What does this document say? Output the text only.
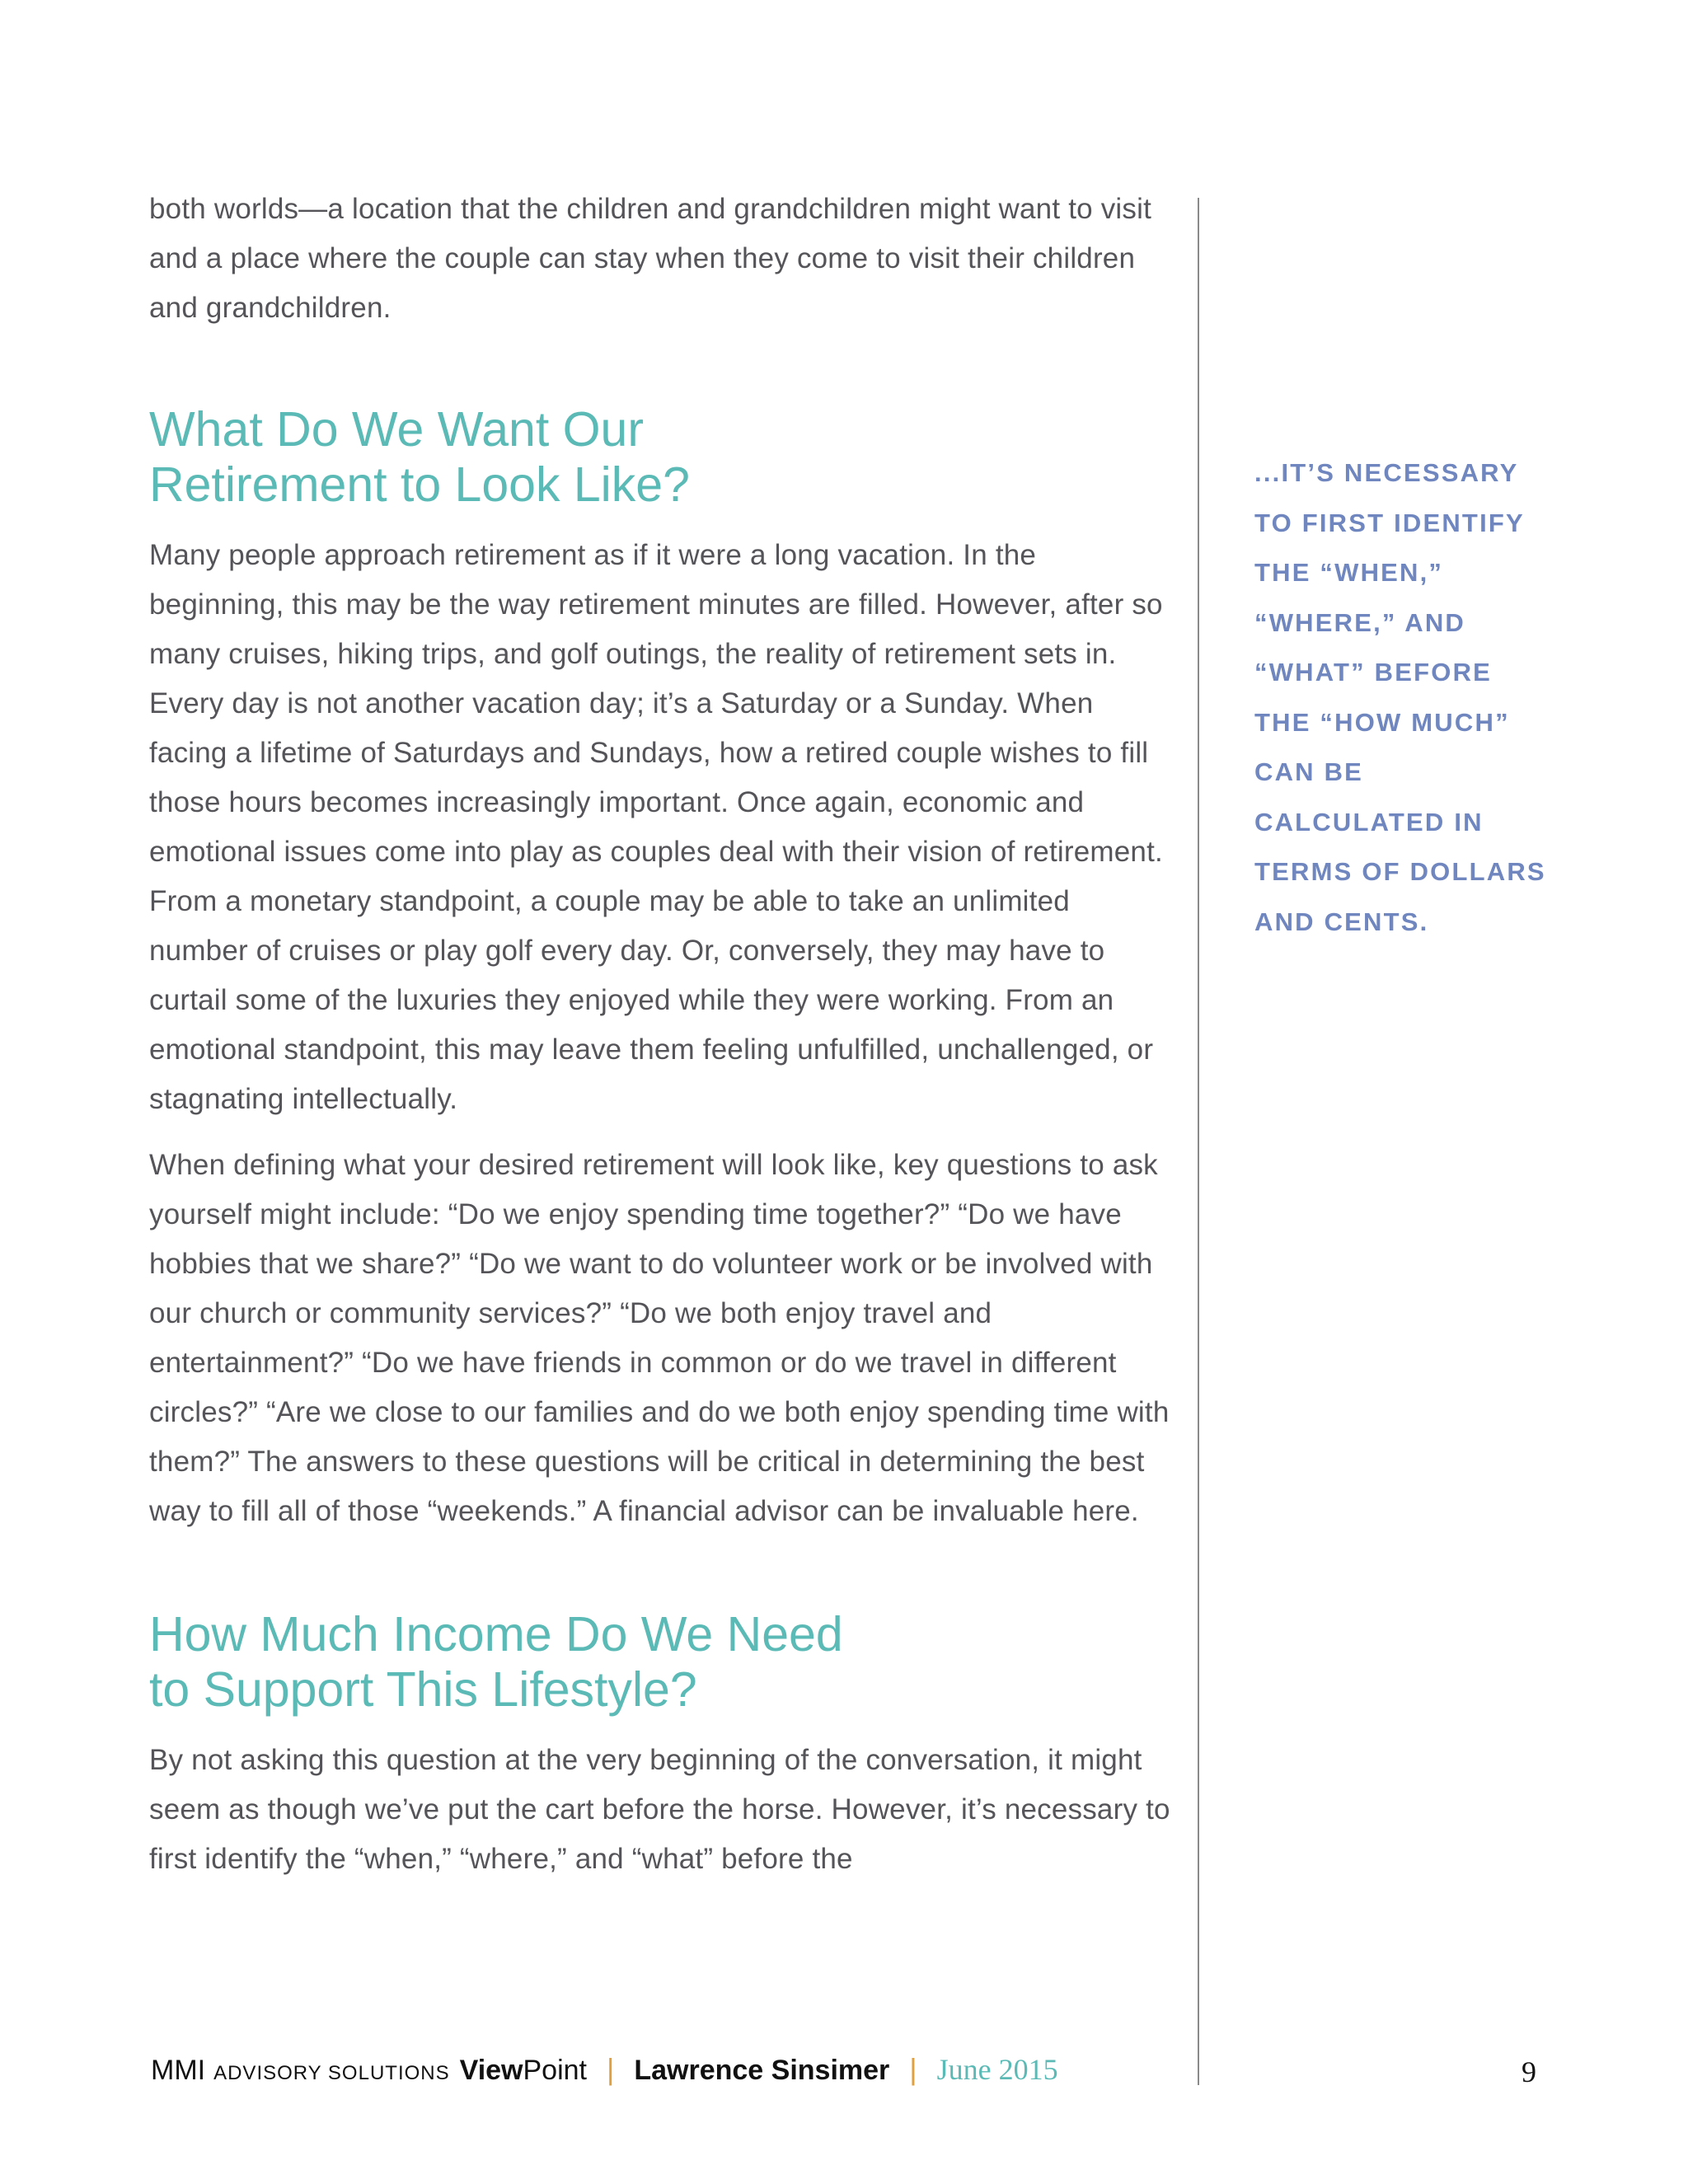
both worlds—a location that the children and grandchildren might want to visit and a place where the couple can stay when they come to visit their children and grandchildren.

What Do We Want Our
Retirement to Look Like?

Many people approach retirement as if it were a long vacation. In the beginning, this may be the way retirement minutes are filled. However, after so many cruises, hiking trips, and golf outings, the reality of retirement sets in. Every day is not another vacation day; it’s a Saturday or a Sunday. When facing a lifetime of Saturdays and Sundays, how a retired couple wishes to fill those hours becomes increasingly important. Once again, economic and emotional issues come into play as couples deal with their vision of retirement. From a monetary standpoint, a couple may be able to take an unlimited number of cruises or play golf every day. Or, conversely, they may have to curtail some of the luxuries they enjoyed while they were working. From an emotional standpoint, this may leave them feeling unfulfilled, unchallenged, or stagnating intellectually.

When defining what your desired retirement will look like, key questions to ask yourself might include: “Do we enjoy spending time together?” “Do we have hobbies that we share?” “Do we want to do volunteer work or be involved with our church or community services?” “Do we both enjoy travel and entertainment?” “Do we have friends in common or do we travel in different circles?” “Are we close to our families and do we both enjoy spending time with them?” The answers to these questions will be critical in determining the best way to fill all of those “weekends.” A financial advisor can be invaluable here.

How Much Income Do We Need
to Support This Lifestyle?

By not asking this question at the very beginning of the conversation, it might seem as though we’ve put the cart before the horse. However, it’s necessary to first identify the “when,” “where,” and “what” before the

...IT’S NECESSARY TO FIRST IDENTIFY THE “WHEN,” “WHERE,” AND “WHAT” BEFORE THE “HOW MUCH” CAN BE CALCULATED IN TERMS OF DOLLARS AND CENTS.

MMI ADVISORY SOLUTIONS View Point | Lawrence Sinsimer | June 2015	9
